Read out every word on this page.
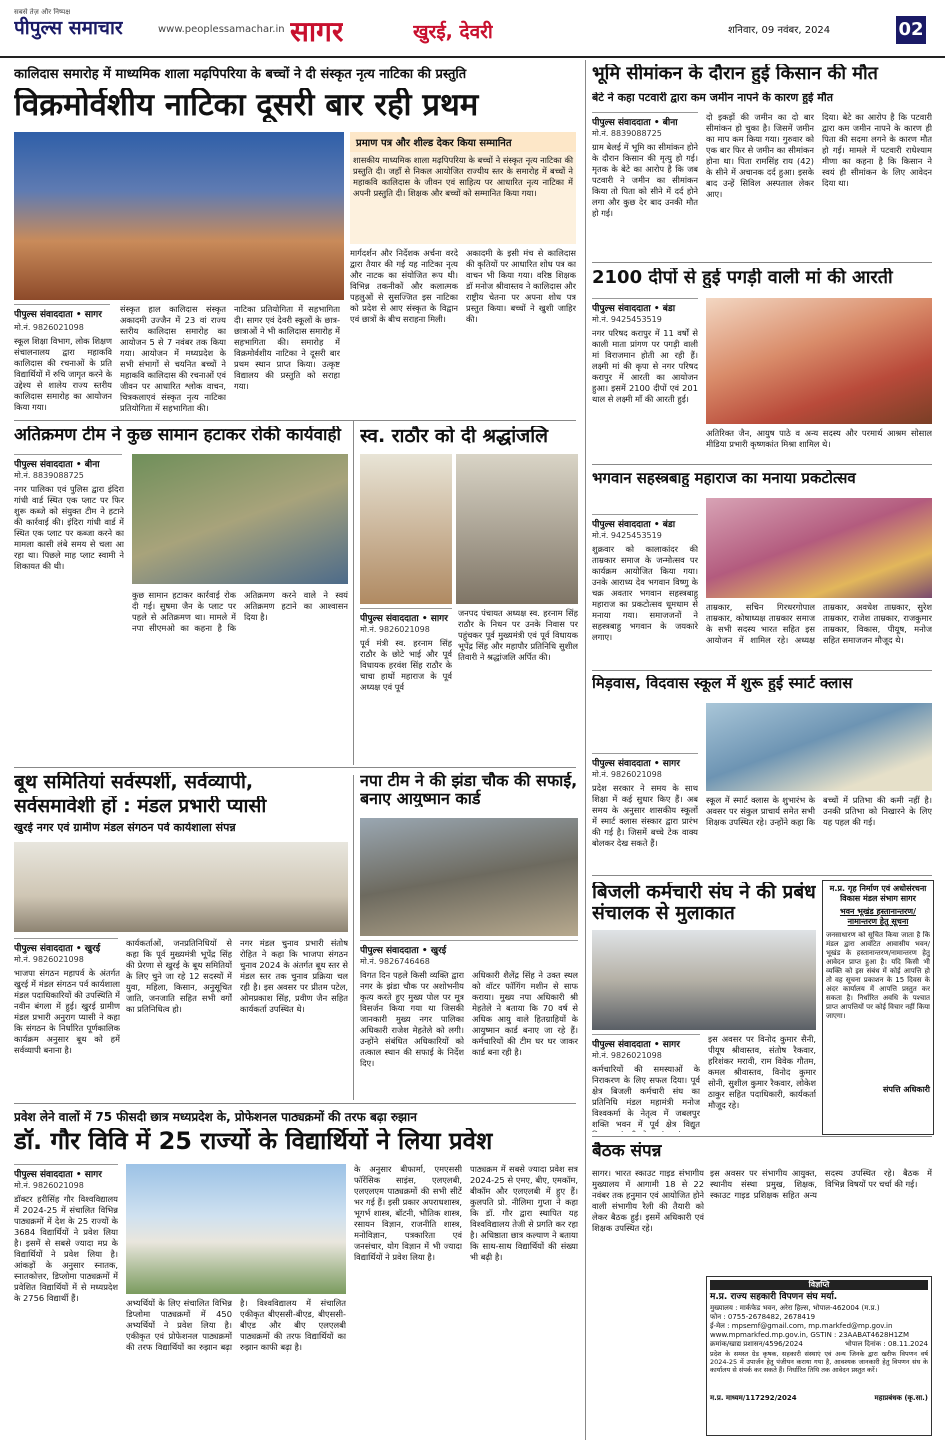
सबसे तेज़ और निष्पक्ष
पीपुल्स समाचार	www.peoplessamachar.in सागर	खुरई, देवरी	शनिवार, 09 नवंबर, 2024	02
कालिदास समारोह में माध्यमिक शाला मढ़पिपरिया के बच्चों ने दी संस्कृत नृत्य नाटिका की प्रस्तुति
विक्रमोर्वशीय नाटिका दूसरी बार रही प्रथम
प्रमाण पत्र और शील्ड देकर किया सम्मानित
शासकीय माध्यमिक शाला मढ़पिपरिया के बच्चों ने संस्कृत नृत्य नाटिका की प्रस्तुति दी। जहाँ से निकल आयोजित राज्यीय स्तर के समारोह में बच्चों ने महाकवि कालिदास के जीवन एवं साहित्य पर आधारित नृत्य नाटिका में अपनी प्रस्तुति दी। शिक्षक और बच्चों को सम्मानित किया गया।
पीपुल्स संवाददाता • सागर
मो.नं. 9826021098
स्कूल शिक्षा विभाग, लोक शिक्षण संचालनालय द्वारा महाकवि कालिदास की रचनाओं के प्रति विद्यार्थियों में रुचि जागृत करने के उद्देश्य से शालेय राज्य स्तरीय कालिदास समारोह का आयोजन किया गया।
संस्कृत हाल कालिदास संस्कृत अकादमी उज्जैन में 23 वां राज्य स्तरीय कालिदास समारोह का आयोजन 5 से 7 नवंबर तक किया गया। आयोजन में मध्यप्रदेश के सभी संभागों से चयनित बच्चों ने महाकवि कालिदास की रचनाओं एवं जीवन पर आधारित श्लोक वाचन, चित्रकलाएवं संस्कृत नृत्य नाटिका प्रतियोगिता में सहभागिता की।
नाटिका प्रतियोगिता में सहभागिता दी। सागर एवं देवरी स्कूलों के छात्र-छात्राओं ने भी कालिदास समारोह में सहभागिता की। समारोह में विक्रमोर्वशीय नाटिका ने दूसरी बार प्रथम स्थान प्राप्त किया। उत्कृष्ट विद्यालय की प्रस्तुति को सराहा गया।
मार्गदर्शन और निर्देशक अर्चना वरदे द्वारा तैयार की गई यह नाटिका नृत्य और नाटक का संयोजित रूप थी। विभिन्न तकनीकों और कलात्मक पहलुओं से सुसज्जित इस नाटिका को प्रदेश से आए संस्कृत के विद्वान एवं छात्रों के बीच सराहना मिली।
अकादमी के इसी मंच से कालिदास की कृतियों पर आधारित शोध पत्र का वाचन भी किया गया। वरिष्ठ शिक्षक डॉ मनोज श्रीवास्तव ने कालिदास और राष्ट्रीय चेतना पर अपना शोध पत्र प्रस्तुत किया। बच्चों ने खुशी जाहिर की।
अतिक्रमण टीम ने कुछ सामान हटाकर रोकी कार्यवाही
पीपुल्स संवाददाता • बीना
मो.नं. 8839088725
नगर पालिका एवं पुलिस द्वारा इंदिरा गांधी वार्ड स्थित एक प्लाट पर फिर शुरू कब्जे को संयुक्त टीम ने हटाने की कार्रवाई की। इंदिरा गांधी वार्ड में स्थित एक प्लाट पर कब्जा करने का मामला कासी लंबे समय से चला आ रहा था। पिछले माह प्लाट स्वामी ने शिकायत की थी।
कुछ सामान हटाकर कार्रवाई रोक दी गई। सुषमा जैन के प्लाट पर पहले से अतिक्रमण था। मामले में नपा सीएमओ का कहना है कि अतिक्रमण करने वाले ने स्वयं अतिक्रमण हटाने का आश्वासन दिया है।
स्व. राठौर को दी श्रद्धांजलि
पीपुल्स संवाददाता • सागर
मो.नं. 9826021098
पूर्व मंत्री स्व. हरनाम सिंह राठौर के छोटे भाई और पूर्व विधायक हरवंश सिंह राठौर के चाचा हाथों महाराज के पूर्व अध्यक्ष एवं पूर्व
जनपद पंचायत अध्यक्ष स्व. हरनाम सिंह राठौर के निधन पर उनके निवास पर पहुंचकर पूर्व मुख्यमंत्री एवं पूर्व विधायक भूपेंद्र सिंह और महापौर प्रतिनिधि सुशील तिवारी ने श्रद्धांजलि अर्पित की।
बूथ समितियां सर्वस्पर्शी, सर्वव्यापी,
सर्वसमावेशी हों : मंडल प्रभारी प्यासी
खुरई नगर एवं ग्रामीण मंडल संगठन पर्व कार्यशाला संपन्न
पीपुल्स संवाददाता • खुरई
मो.नं. 9826021098
भाजपा संगठन महापर्व के अंतर्गत खुरई में मंडल संगठन पर्व कार्यशाला मंडल पदाधिकारियों की उपस्थिति में नवीन बंगला में हुई। खुरई ग्रामीण मंडल प्रभारी अनुराग प्यासी ने कहा कि संगठन के निर्धारित पूर्णकालिक कार्यक्रम अनुसार बूथ को हमें सर्वव्यापी बनाना है।
कार्यकर्ताओं, जनप्रतिनिधियों से कहा कि पूर्व मुख्यमंत्री भूपेंद्र सिंह की प्रेरणा से खुरई के बूथ समितियों के लिए चुने जा रहे 12 सदस्यों में युवा, महिला, किसान, अनुसूचित जाति, जनजाति सहित सभी वर्गों का प्रतिनिधित्व हो।
नगर मंडल चुनाव प्रभारी संतोष रोहित ने कहा कि भाजपा संगठन चुनाव 2024 के अंतर्गत बूथ स्तर से मंडल स्तर तक चुनाव प्रक्रिया चल रही है। इस अवसर पर प्रीतम पटेल, ओमप्रकाश सिंह, प्रवीण जैन सहित कार्यकर्ता उपस्थित थे।
नपा टीम ने की झंडा चौक की सफाई, बनाए आयुष्मान कार्ड
पीपुल्स संवाददाता • खुरई
मो.नं. 9826746468
विगत दिन पहले किसी व्यक्ति द्वारा नगर के झंडा चौक पर अशोभनीय कृत्य करते हुए मुख्य पोल पर मूत्र विसर्जन किया गया था जिसकी जानकारी मुख्य नगर पालिका अधिकारी राजेश मेहतेले को लगी। उन्होंने संबंधित अधिकारियों को तत्काल स्थान की सफाई के निर्देश दिए।
अधिकारी शैलेंद्र सिंह ने उक्त स्थल को वॉटर फॉगिंग मशीन से साफ कराया। मुख्य नपा अधिकारी श्री मेहतेले ने बताया कि 70 वर्ष से अधिक आयु वाले हितग्राहियों के आयुष्मान कार्ड बनाए जा रहे हैं। कर्मचारियों की टीम घर घर जाकर कार्ड बना रही है।
प्रवेश लेने वालों में 75 फीसदी छात्र मध्यप्रदेश के, प्रोफेशनल पाठ्यक्रमों की तरफ बढ़ा रुझान
डॉ. गौर विवि में 25 राज्यों के विद्यार्थियों ने लिया प्रवेश
पीपुल्स संवाददाता • सागर
मो.नं. 9826021098
डॉक्टर हरीसिंह गौर विश्वविद्यालय में 2024-25 में संचालित विभिन्न पाठ्यक्रमों में देश के 25 राज्यों के 3684 विद्यार्थियों ने प्रवेश लिया है। इसमें से सबसे ज्यादा मप्र के विद्यार्थियों ने प्रवेश लिया है। आंकड़ों के अनुसार स्नातक, स्नातकोत्तर, डिप्लोमा पाठ्यक्रमों में प्रवेशित विद्यार्थियों में से मध्यप्रदेश के 2756 विद्यार्थी हैं।	अभ्यर्थियों के लिए संचालित विभिन्न डिप्लोमा पाठ्यक्रमों में 450 अभ्यर्थियों ने प्रवेश लिया है। एकीकृत एवं प्रोफेशनल पाठ्यक्रमों की तरफ विद्यार्थियों का रुझान बढ़ा है। विश्वविद्यालय में संचालित एकीकृत बीएससी-बीएड, बीएससी-बीएड और बीए एलएलबी पाठ्यक्रमों की तरफ विद्यार्थियों का रुझान काफी बढ़ा है।
के अनुसार बीफार्मा, एमएससी फॉरेंसिक साइंस, एलएलबी, एलएलएम पाठ्यक्रमों की सभी सीटें भर गई हैं। इसी प्रकार अपराधशास्त्र, भूगर्भ शास्त्र, बॉटनी, भौतिक शास्त्र, रसायन विज्ञान, राजनीति शास्त्र, मनोविज्ञान, पत्रकारिता एवं जनसंचार, योग विज्ञान में भी ज्यादा विद्यार्थियों ने प्रवेश लिया है।
पाठ्यक्रम में सबसे ज्यादा प्रवेश सत्र 2024-25 से एमए, बीए, एमकॉम, बीकॉम और एलएलबी में हुए हैं। कुलपति प्रो. नीलिमा गुप्ता ने कहा कि डॉ. गौर द्वारा स्थापित यह विश्वविद्यालय तेजी से प्रगति कर रहा है। अधिष्ठाता छात्र कल्याण ने बताया कि साथ-साथ विद्यार्थियों की संख्या भी बढ़ी है।
भूमि सीमांकन के दौरान हुई किसान की मौत
बेटे ने कहा पटवारी द्वारा कम जमीन नापने के कारण हुई मौत
पीपुल्स संवाददाता • बीना
मो.नं. 8839088725
ग्राम बेलई में भूमि का सीमांकन होने के दौरान किसान की मृत्यु हो गई। मृतक के बेटे का आरोप है कि जब पटवारी ने जमीन का सीमांकन किया तो पिता को सीने में दर्द होने लगा और कुछ देर बाद उनकी मौत हो गई।
दो इकड़ों की जमीन का दो बार सीमांकन हो चुका है। जिसमें जमीन का माप कम किया गया। गुरुवार को एक बार फिर से जमीन का सीमांकन होना था। पिता रामसिंह राय (42) के सीने में अचानक दर्द हुआ। इसके बाद उन्हें सिविल अस्पताल लेकर आए।
दिया। बेटे का आरोप है कि पटवारी द्वारा कम जमीन नापने के कारण ही पिता की सदमा लगने के कारण मौत हो गई। मामले में पटवारी राधेश्याम मीणा का कहना है कि किसान ने स्वयं ही सीमांकन के लिए आवेदन दिया था।
2100 दीपों से हुई पगड़ी वाली मां की आरती
पीपुल्स संवाददाता • बंडा
मो.नं. 9425453519
नगर परिषद करापुर में 11 वर्षों से काली माता प्रांगण पर पगड़ी वाली मां विराजमान होती आ रही हैं। लक्ष्मी मां की कृपा से नगर परिषद करापुर में आरती का आयोजन हुआ। इसमें 2100 दीपों एवं 201 थाल से लक्ष्मी माँ की आरती हुई।
अतिरिक्त जैन, आयुष पाठे व अन्य सदस्य और परमार्थ आश्रम सोसाल मीडिया प्रभारी कृष्णकांत मिश्रा शामिल थे।
भगवान सहस्त्रबाहु महाराज का मनाया प्रकटोत्सव
पीपुल्स संवाददाता • बंडा
मो.नं. 9425453519
शुक्रवार को कालाकांदर की ताम्रकार समाज के जन्मोत्सव पर कार्यक्रम आयोजित किया गया। उनके आराध्य देव भगवान विष्णु के चक्र अवतार भगवान सहस्त्रबाहु महाराज का प्रकटोत्सव धूमधाम से मनाया गया। समाजजनों ने सहस्त्रबाहु भगवान के जयकारे लगाए।
ताम्रकार, सचिन गिरधरगोपाल ताम्रकार, कोषाध्यक्ष ताम्रकार समाज के सभी सदस्य भारत सहित इस आयोजन में शामिल रहे। अध्यक्ष ताम्रकार, अवधेश ताम्रकार, सुरेश ताम्रकार, राजेश ताम्रकार, राजकुमार ताम्रकार, विकास, पीयूष, मनोज सहित समाजजन मौजूद थे।
मिड़वास, विदवास स्कूल में शुरू हुई स्मार्ट क्लास
पीपुल्स संवाददाता • सागर
मो.नं. 9826021098
प्रदेश सरकार ने समय के साथ शिक्षा में कई सुधार किए हैं। अब समय के अनुसार शासकीय स्कूलों में स्मार्ट क्लास संस्कार द्वारा प्रारंभ की गई है। जिसमें बच्चे टेक वाक्य बोलकर देख सकते हैं।
स्कूल में स्मार्ट क्लास के शुभारंभ के अवसर पर संकुल प्राचार्य समेत सभी शिक्षक उपस्थित रहे। उन्होंने कहा कि बच्चों में प्रतिभा की कमी नहीं है। उनकी प्रतिभा को निखारने के लिए यह पहल की गई।
बिजली कर्मचारी संघ ने की प्रबंध संचालक से मुलाकात
पीपुल्स संवाददाता • सागर
मो.नं. 9826021098
कर्मचारियों की समस्याओं के निराकरण के लिए सफल दिया। पूर्व क्षेत्र बिजली कर्मचारी संघ का प्रतिनिधि मंडल महामंत्री मनोज विश्वकर्मा के नेतृत्व में जबलपुर शक्ति भवन में पूर्व क्षेत्र विद्युत
इस अवसर पर विनोद कुमार सैनी, पीयूष श्रीवास्तव, संतोष रैकवार, हरिशंकर मरावी, राम विवेक गौतम, कमल श्रीवास्तव, विनोद कुमार सोनी, सुशील कुमार रैकवार, लोकेश ठाकुर सहित पदाधिकारी, कार्यकर्ता मौजूद रहे।
म.प्र. गृह निर्माण एवं अधोसंरचना विकास मंडल संभाग सागर
भवन भूखंड हस्तानान्तरण/नामान्तरण हेतु सूचना
जनसाधारण को सूचित किया जाता है कि मंडल द्वारा आवंटित आवासीय भवन/भूखंड के हस्तानान्तरण/नामान्तरण हेतु आवेदन प्राप्त हुआ है। यदि किसी भी व्यक्ति को इस संबंध में कोई आपत्ति हो तो वह सूचना प्रकाशन के 15 दिवस के अंदर कार्यालय में आपत्ति प्रस्तुत कर सकता है। निर्धारित अवधि के पश्चात प्राप्त आपत्तियों पर कोई विचार नहीं किया जाएगा।
संपत्ति अधिकारी
बैठक संपन्न
सागर। भारत स्काउट गाइड संभागीय मुख्यालय में आगामी 18 से 22 नवंबर तक हनुमान एवं आयोजित होने वाली संभागीय रैली की तैयारी को लेकर बैठक हुई। इसमें अधिकारी एवं शिक्षक उपस्थित रहे।
इस अवसर पर संभागीय आयुक्त, स्थानीय संस्था प्रमुख, शिक्षक, स्काउट गाइड प्रशिक्षक सहित अन्य सदस्य उपस्थित रहे। बैठक में विभिन्न विषयों पर चर्चा की गई।
विज्ञप्ति
म.प्र. राज्य सहकारी विपणन संघ मर्या.
मुख्यालय : मार्कफेड भवन, अरेरा हिल्स, भोपाल-462004 (म.प्र.)
फोन : 0755-2678482, 2678419
ई-मेल : mpsemf@gmail.com, mp.markfed@mp.gov.in
www.mpmarkfed.mp.gov.in, GSTIN : 23AABAT4628H1ZM
क्रमांक/खाद्य प्रशासन/4596/2024	भोपाल दिनांक : 08.11.2024
प्रदेश के समस्त ग्रेड कृषक, सहकारी संस्थाएं एवं अन्य जिनके द्वारा खरीफ विपणन वर्ष 2024-25 में उपार्जन हेतु पंजीयन कराया गया है, आवश्यक जानकारी हेतु विपणन संघ के कार्यालय से संपर्क कर सकते हैं। निर्धारित तिथि तक आवेदन प्रस्तुत करें।
म.प्र. माध्यम/117292/2024	महाप्रबंधक (कृ.सा.)
